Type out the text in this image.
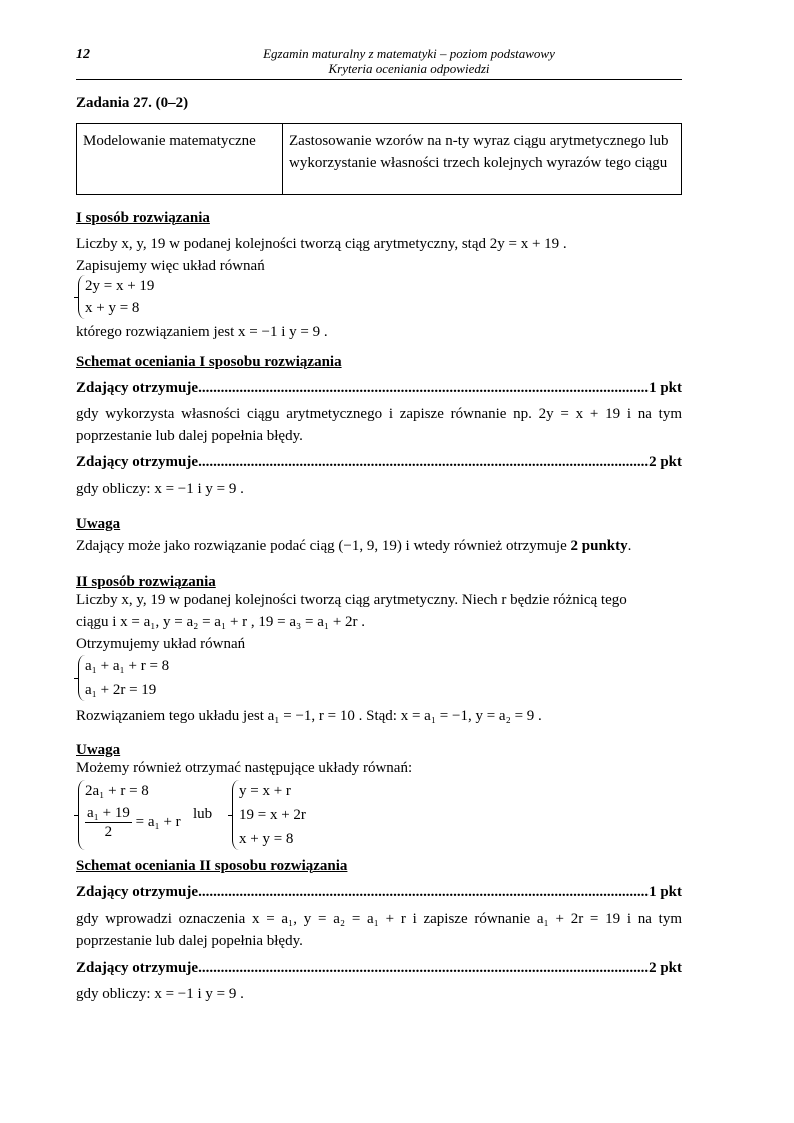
12	Egzamin maturalny z matematyki – poziom podstawowy
Kryteria oceniania odpowiedzi
Zadania 27. (0–2)
Modelowanie matematyczne	Zastosowanie wzorów na n-ty wyraz ciągu arytmetycznego lub wykorzystanie własności trzech kolejnych wyrazów tego ciągu
I sposób rozwiązania
Liczby x, y, 19 w podanej kolejności tworzą ciąg arytmetyczny, stąd 2y = x + 19 .
Zapisujemy więc układ równań
2y = x + 19
x + y = 8
którego rozwiązaniem jest x = −1 i y = 9 .
Schemat oceniania I sposobu rozwiązania
Zdający otrzymuje .....	1 pkt
gdy wykorzysta własności ciągu arytmetycznego i zapisze równanie np. 2y = x + 19 i na tym poprzestanie lub dalej popełnia błędy.
Zdający otrzymuje .....	2 pkt
gdy obliczy: x = −1 i y = 9 .
Uwaga
Zdający może jako rozwiązanie podać ciąg (−1, 9, 19) i wtedy również otrzymuje 2 punkty.
II sposób rozwiązania
Liczby x, y, 19 w podanej kolejności tworzą ciąg arytmetyczny. Niech r będzie różnicą tego
ciągu i x = a₁, y = a₂ = a₁ + r , 19 = a₃ = a₁ + 2r .
Otrzymujemy układ równań
a₁ + a₁ + r = 8
a₁ + 2r = 19
Rozwiązaniem tego układu jest a₁ = −1, r = 10 . Stąd: x = a₁ = −1, y = a₂ = 9 .
Uwaga
Możemy również otrzymać następujące układy równań:
2a₁ + r = 8
$\frac{\text{a₁ + 19}}{2} = a_1 + r$ lub
y = x + r
19 = x + 2r
x + y = 8
Schemat oceniania II sposobu rozwiązania
Zdający otrzymuje .....	1 pkt
gdy wprowadzi oznaczenia x = a₁, y = a₂ = a₁ + r i zapisze równanie a₁ + 2r = 19 i na tym poprzestanie lub dalej popełnia błędy.
Zdający otrzymuje .....	2 pkt
gdy obliczy: x = −1 i y = 9 .
